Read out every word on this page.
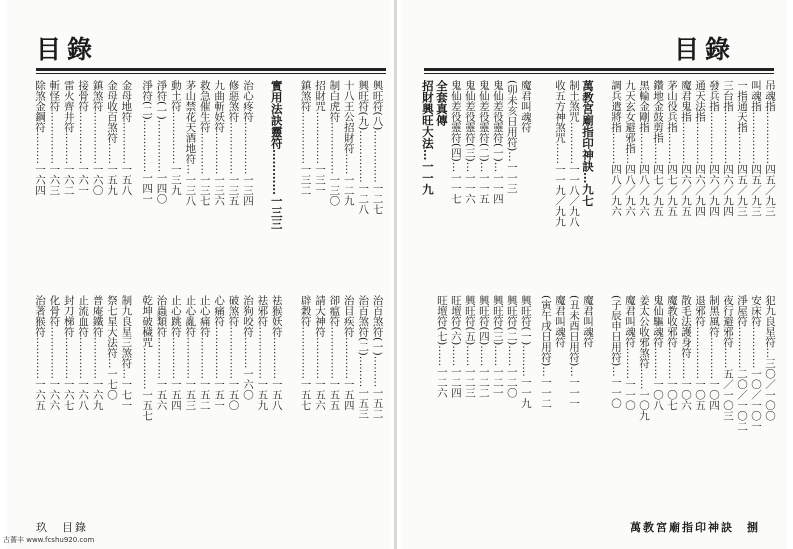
目錄
興旺符(八)……………一二七
治百煞符(一)………一五二
興旺符(九)……………一二八
治百煞符(二)………一五三
十八王公招財符……一二九
治目疾符…………一五四
制白虎符……………一三〇
卻瘟符……………一五五
招財咒……………一三一
請大神符…………一五六
鎮煞符……………一三二
辟穀符……………一五七
實用法訣靈符…………一三三
祛猴妖符…………一五八
祛邪符……………一五九
治心疼符……………一三四
治狗咬符………一六〇
修惡煞符……………一三五
破煞符……………一五〇
九曲斬妖符…………一三六
心痛符……………一五一
救急催生符…………一三七
止心痛符…………一五二
茅山禁花天酒地符…一三八
止心亂符…………一五三
動土符……………一三九
止心跳符…………一五四
淨符(一)……………一四〇
治蟲類符…………一五六
淨符(二)……………一四一
乾坤破穢咒…………一五七
金母地符…………一五八
制九良星三煞符…一七一
金母收百煞符……一五九
祭七星大法符…一七〇
鎮煞符……………一六〇
普庵鐵符…………一六九
接骨符……………一六一
止流血符…………一六八
雷火齊井符………一六二
封刀梯符…………一六七
斬怪符……………一六三
化骨符……………一六六
除煞金鋼符………一六四
治著猴符…………一六五
玖　目錄
目錄
吊魂指……………四五／九三
犯九良星符…三〇／一〇〇
叫魂指……………四五／九三
安床符…………一〇／一〇一
一指通天指………四五／九三
淨屋符…………二〇／一〇二
三台指……………四六／九四
夜行避邪符……五／一〇三
發兵指……………四六／九四
制黑風符…………一〇四
通天法指…………四六／九四
退邪符……………一〇五
魔君鬼指…………四六／九五
散毛法護身符……一〇六
茅山役兵指………四七／九五
魔教收邪符………一〇七
鑽地金鼓剪指……四七／九五
鬼仙驅魂符………一〇八
黑輪金剛指………四八／九六
姜太公收邪煞符……一〇九
九天玄女避邪指…四八／九六
魔君叫魂符………一一〇
調兵遣將指………四八／九六
(子辰申日用符)…一一〇
萬教宮廟指印神訣…九七
魔君叫魂符
制土煞咒…………一一八／九八
(丑未酉日用符)…一一一
收五方神煞咒……一一九／九九
魔君叫魂符
(寅午戌日用符)…一一二
魔君叫魂符
興旺符(一)………一一九
(卯未亥日用符)…一一三
興旺符(二)……一二〇
鬼仙差役靈符(一)…一一四
興旺符(三)……一二一
鬼仙差役靈符(二)…一一五
興旺符(四)……一二二
鬼仙差役靈符(三)…一一六
興旺符(五)……一二三
鬼仙差役靈符(四)…一一七
旺壇符(六)……一二四
全套真傳
旺壇符(七)……一二六
招財興旺大法…一一九
萬教宮廟指印神訣　捌
古薔丰 www.fcshu920.com
